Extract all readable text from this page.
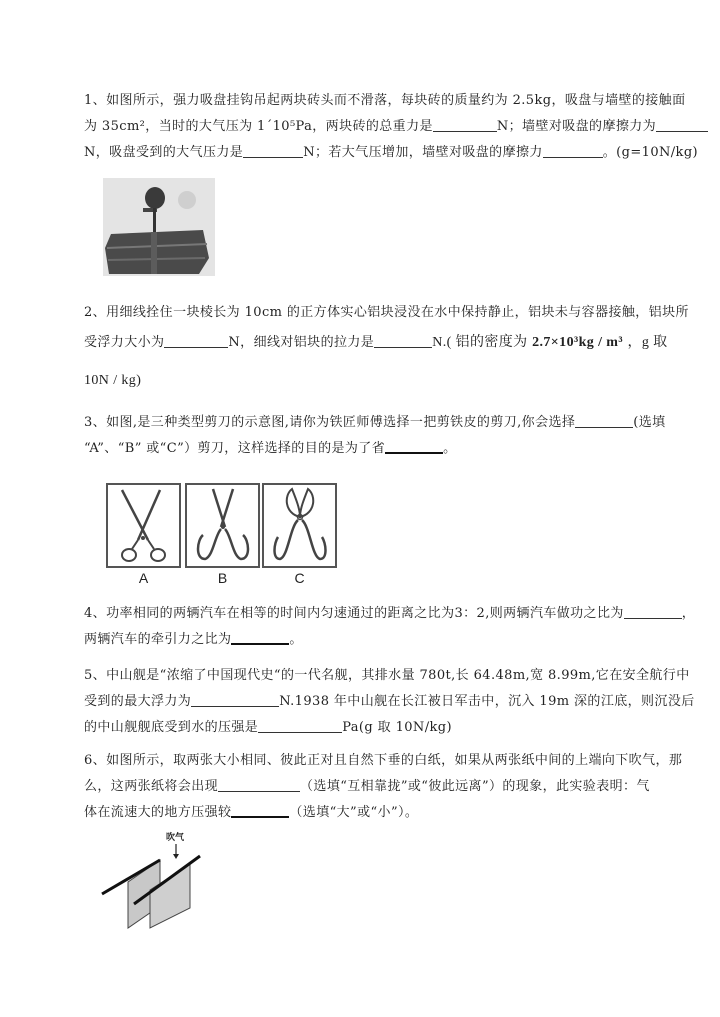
1、如图所示，强力吸盘挂钩吊起两块砖头而不滑落，每块砖的质量约为 2.5kg，吸盘与墙壁的接触面
为 35cm²，当时的大气压为 1´10⁵Pa，两块砖的总重力是	N；墙壁对吸盘的摩擦力为
N，吸盘受到的大气压力是	N；若大气压增加，墙壁对吸盘的摩擦力	。(g=10N/kg)
2、用细线拴住一块棱长为 10cm 的正方体实心铝块浸没在水中保持静止，铝块未与容器接触，铝块所
受浮力大小为	N，细线对铝块的拉力是	N.( 铝的密度为 2.7×10³kg / m³ ，g 取
10N / kg)
3、如图,是三种类型剪刀的示意图,请你为铁匠师傅选择一把剪铁皮的剪刀,你会选择	(选填
“A”、“B” 或“C”）剪刀，这样选择的目的是为了省	。
A	B	C
4、功率相同的两辆汽车在相等的时间内匀速通过的距离之比为3：2,则两辆汽车做功之比为	，
两辆汽车的牵引力之比为	。
5、中山舰是“浓缩了中国现代史“的一代名舰，其排水量 780t,长 64.48m,宽 8.99m,它在安全航行中
受到的最大浮力为	N.1938 年中山舰在长江被日军击中，沉入 19m 深的江底，则沉没后
的中山舰舰底受到水的压强是	Pa(g 取 10N/kg)
6、如图所示，取两张大小相同、彼此正对且自然下垂的白纸，如果从两张纸中间的上端向下吹气，那
么，这两张纸将会出现	（选填“互相靠拢”或“彼此远离”）的现象，此实验表明：气
体在流速大的地方压强较	（选填“大”或“小”）。
吹气
